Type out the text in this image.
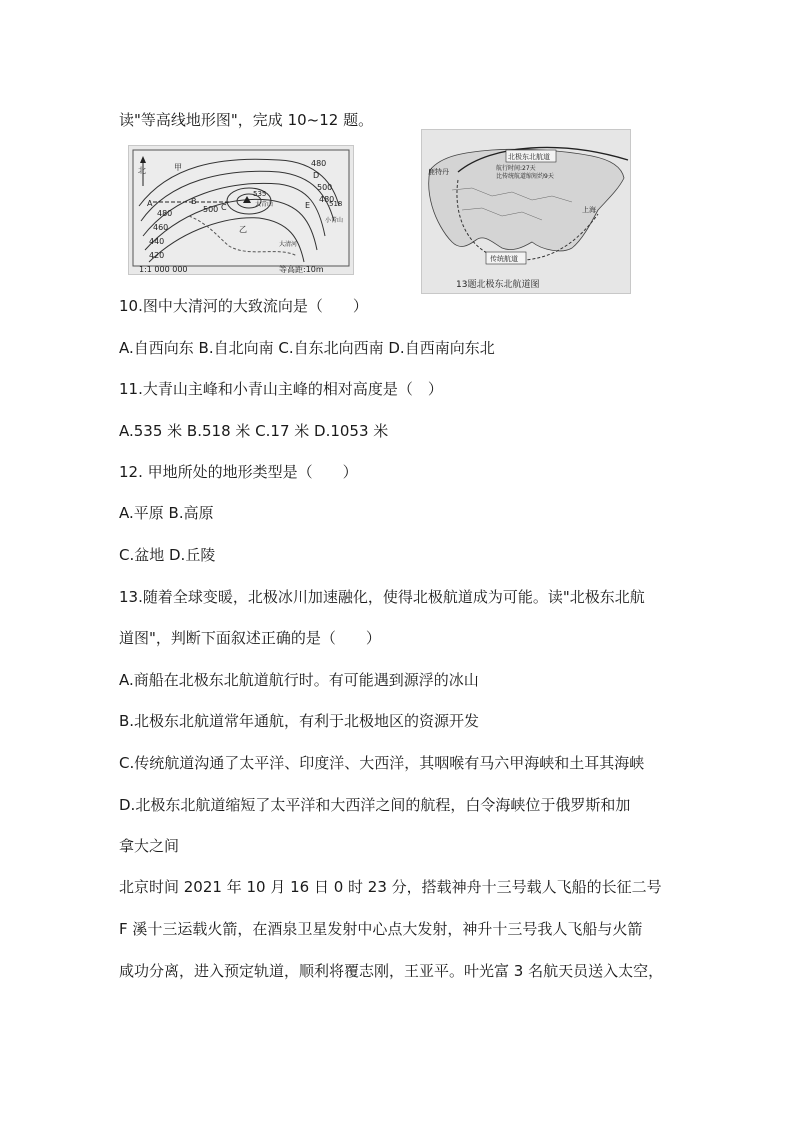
读"等高线地形图"，完成 10~12 题。
北	甲
乙
A	B
C
D
E
480
500
480
460
440
420
500
480
535
518
大青山
小青山
大清河
1:1 000 000	等高距:10m
北极东北航道
航行时间:27天
比传统航道缩短约9天
鹿特丹
上海
传统航道
13题北极东北航道图
10.图中大清河的大致流向是（　　）
A.自西向东 B.自北向南 C.自东北向西南 D.自西南向东北
11.大青山主峰和小青山主峰的相对高度是（　）
A.535 米 B.518 米 C.17 米 D.1053 米
12. 甲地所处的地形类型是（　　）
A.平原 B.高原
C.盆地 D.丘陵
13.随着全球变暖，北极冰川加速融化，使得北极航道成为可能。读"北极东北航
道图"，判断下面叙述正确的是（　　）
A.商船在北极东北航道航行时。有可能遇到源浮的冰山
B.北极东北航道常年通航，有利于北极地区的资源开发
C.传统航道沟通了太平洋、印度洋、大西洋，其咽喉有马六甲海峡和土耳其海峡
D.北极东北航道缩短了太平洋和大西洋之间的航程，白令海峡位于俄罗斯和加
拿大之间
北京时间 2021 年 10 月 16 日 0 时 23 分，搭载神舟十三号载人飞船的长征二号
F 溪十三运载火箭，在酒泉卫星发射中心点大发射，神升十三号我人飞船与火箭
咸功分离，进入预定轨道，顺利将覆志刚，王亚平。叶光富 3 名航天员送入太空，
